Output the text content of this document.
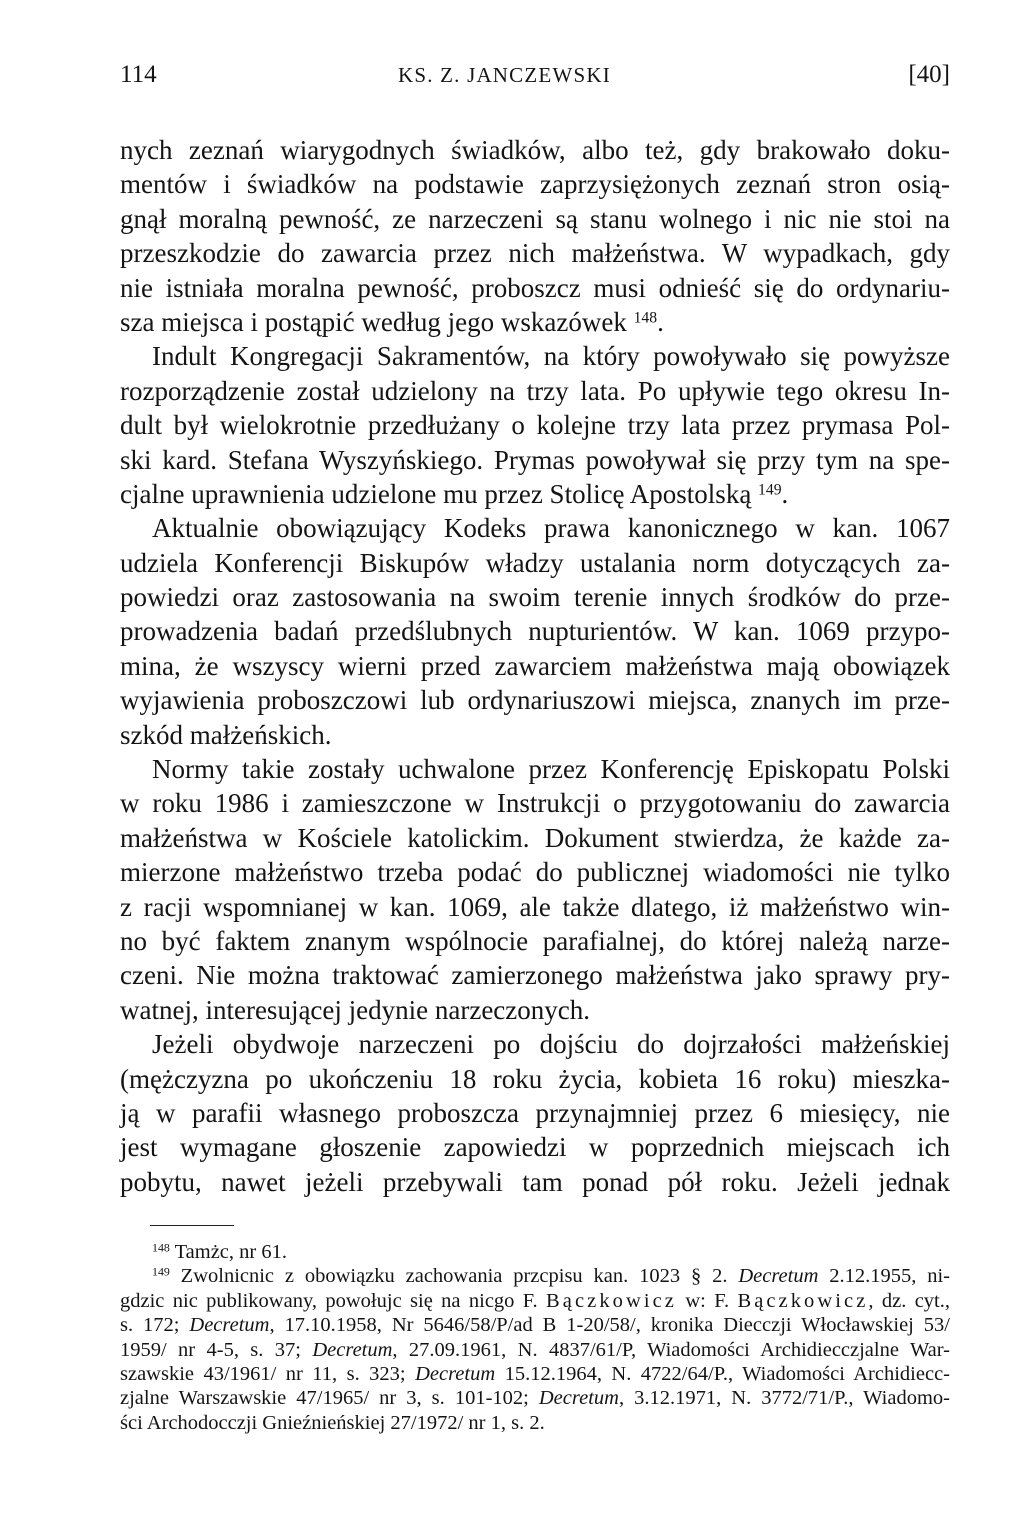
114	KS. Z. JANCZEWSKI	[40]
nych zeznań wiarygodnych świadków, albo też, gdy brakowało doku-
mentów i świadków na podstawie zaprzysiężonych zeznań stron osią-
gnął moralną pewność, ze narzeczeni są stanu wolnego i nic nie stoi na
przeszkodzie do zawarcia przez nich małżeństwa. W wypadkach, gdy
nie istniała moralna pewność, proboszcz musi odnieść się do ordynariu-
sza miejsca i postąpić według jego wskazówek $^{148}$.
Indult Kongregacji Sakramentów, na który powoływało się powyższe
rozporządzenie został udzielony na trzy lata. Po upływie tego okresu In-
dult był wielokrotnie przedłużany o kolejne trzy lata przez prymasa Pol-
ski kard. Stefana Wyszyńskiego. Prymas powoływał się przy tym na spe-
cjalne uprawnienia udzielone mu przez Stolicę Apostolską $^{149}$.
Aktualnie obowiązujący Kodeks prawa kanonicznego w kan. 1067
udziela Konferencji Biskupów władzy ustalania norm dotyczących za-
powiedzi oraz zastosowania na swoim terenie innych środków do prze-
prowadzenia badań przedślubnych nupturientów. W kan. 1069 przypo-
mina, że wszyscy wierni przed zawarciem małżeństwa mają obowiązek
wyjawienia proboszczowi lub ordynariuszowi miejsca, znanych im prze-
szkód małżeńskich.
Normy takie zostały uchwalone przez Konferencję Episkopatu Polski
w roku 1986 i zamieszczone w Instrukcji o przygotowaniu do zawarcia
małżeństwa w Kościele katolickim. Dokument stwierdza, że każde za-
mierzone małżeństwo trzeba podać do publicznej wiadomości nie tylko
z racji wspomnianej w kan. 1069, ale także dlatego, iż małżeństwo win-
no być faktem znanym wspólnocie parafialnej, do której należą narze-
czeni. Nie można traktować zamierzonego małżeństwa jako sprawy pry-
watnej, interesującej jedynie narzeczonych.
Jeżeli obydwoje narzeczeni po dojściu do dojrzałości małżeńskiej
(mężczyzna po ukończeniu 18 roku życia, kobieta 16 roku) mieszka-
ją w parafii własnego proboszcza przynajmniej przez 6 miesięcy, nie
jest wymagane głoszenie zapowiedzi w poprzednich miejscach ich
pobytu, nawet jeżeli przebywali tam ponad pół roku. Jeżeli jednak
$^{148}$ Tamżc, nr 61.
$^{149}$ Zwolnicnic z obowiązku zachowania przcpisu kan. 1023 § 2. Decretum 2.12.1955, ni-
gdzic nic publikowany, powołujc się na nicgo F. Bączkowicz w: F. Bączkowicz, dz. cyt.,
s. 172; Decretum, 17.10.1958, Nr 5646/58/P/ad B 1-20/58/, kronika Diecczji Włocławskiej 53/
1959/ nr 4-5, s. 37; Decretum, 27.09.1961, N. 4837/61/P, Wiadomości Archidiecczjalne War-
szawskie 43/1961/ nr 11, s. 323; Decretum 15.12.1964, N. 4722/64/P., Wiadomości Archidiecc-
zjalne Warszawskie 47/1965/ nr 3, s. 101-102; Decretum, 3.12.1971, N. 3772/71/P., Wiadomo-
ści Archodocczji Gnieźnieńskiej 27/1972/ nr 1, s. 2.
